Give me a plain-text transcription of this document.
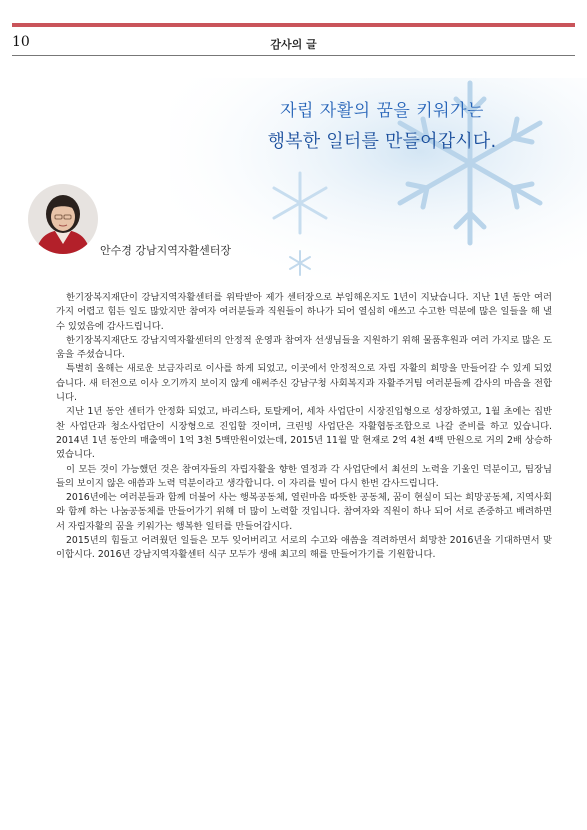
10	감사의 글
자립 자활의 꿈을 키워가는
행복한 일터를 만들어갑시다.
안수경 강남지역자활센터장

한기장복지재단이 강남지역자활센터를 위탁받아 제가 센터장으로 부임해온지도 1년이 지났습니다. 지난 1년 동안 여러 가지 어렵고 힘든 일도 많았지만 참여자 여러분들과 직원들이 하나가 되어 열심히 애쓰고 수고한 덕분에 많은 일들을 해 낼 수 있었음에 감사드립니다.

한기장복지재단도 강남지역자활센터의 안정적 운영과 참여자 선생님들을 지원하기 위해 물품후원과 여러 가지로 많은 도움을 주셨습니다.

특별히 올해는 새로운 보금자리로 이사를 하게 되었고, 이곳에서 안정적으로 자립 자활의 희망을 만들어갈 수 있게 되었습니다. 새 터전으로 이사 오기까지 보이지 않게 애써주신 강남구청 사회복지과 자활주거팀 여러분들께 감사의 마음을 전합니다.

지난 1년 동안 센터가 안정화 되었고, 바리스타, 토탈케어, 세차 사업단이 시장진입형으로 성장하였고, 1월 초에는 집반찬 사업단과 청소사업단이 시장형으로 진입할 것이며, 크린빙 사업단은 자활협동조합으로 나갈 준비를 하고 있습니다. 2014년 1년 동안의 매출액이 1억 3천 5백만원이었는데, 2015년 11월 말 현재로 2억 4천 4백 만원으로 거의 2배 상승하였습니다.

이 모든 것이 가능했던 것은 참여자들의 자립자활을 향한 열정과 각 사업단에서 최선의 노력을 기울인 덕분이고, 팀장님들의 보이지 않은 애씀과 노력 덕분이라고 생각합니다. 이 자리를 빌어 다시 한번 감사드립니다.

2016년에는 여러분들과 함께 더불어 사는 행복공동체, 열린마음 따뜻한 공동체, 꿈이 현실이 되는 희망공동체, 지역사회와 함께 하는 나눔공동체를 만들어가기 위해 더 많이 노력할 것입니다. 참여자와 직원이 하나 되어 서로 존중하고 배려하면서 자립자활의 꿈을 키워가는 행복한 일터를 만들어갑시다.

2015년의 힘들고 어려웠던 일들은 모두 잊어버리고 서로의 수고와 애씀을 격려하면서 희망찬 2016년을 기대하면서 맞이합시다. 2016년 강남지역자활센터 식구 모두가 생애 최고의 해를 만들어가기를 기원합니다.
